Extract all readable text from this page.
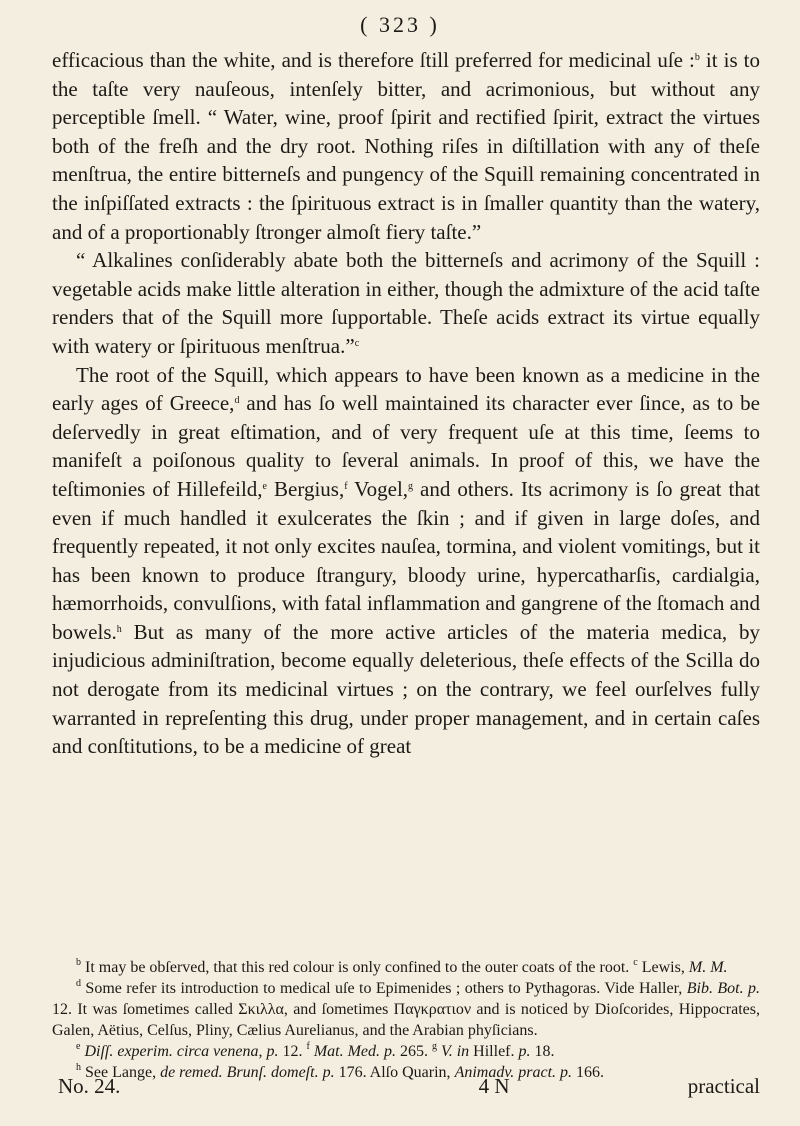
( 323 )

efficacious than the white, and is therefore ſtill preferred for medicinal uſe :$^b$ it is to the taſte very nauſeous, intenſely bitter, and acrimonious, but without any perceptible ſmell. “ Water, wine, proof ſpirit and rectified ſpirit, extract the virtues both of the freſh and the dry root. Nothing riſes in diſtillation with any of theſe menſtrua, the entire bitterneſs and pungency of the Squill remaining concentrated in the inſpiſſated extracts : the ſpirituous extract is in ſmaller quantity than the watery, and of a proportionably ſtronger almoſt fiery taſte.”

“ Alkalines conſiderably abate both the bitterneſs and acrimony of the Squill : vegetable acids make little alteration in either, though the admixture of the acid taſte renders that of the Squill more ſupportable. Theſe acids extract its virtue equally with watery or ſpirituous menſtrua.”$^c$

The root of the Squill, which appears to have been known as a medicine in the early ages of Greece,$^d$ and has ſo well maintained its character ever ſince, as to be deſervedly in great eſtimation, and of very frequent uſe at this time, ſeems to manifeſt a poiſonous quality to ſeveral animals. In proof of this, we have the teſtimonies of Hillefeild,$^e$ Bergius,$^f$ Vogel,$^g$ and others. Its acrimony is ſo great that even if much handled it exulcerates the ſkin ; and if given in large doſes, and frequently repeated, it not only excites nauſea, tormina, and violent vomitings, but it has been known to produce ſtrangury, bloody urine, hypercatharſis, cardialgia, hæmorrhoids, convulſions, with fatal inflammation and gangrene of the ſtomach and bowels.$^h$ But as many of the more active articles of the materia medica, by injudicious adminiſtration, become equally deleterious, theſe effects of the Scilla do not derogate from its medicinal virtues ; on the contrary, we feel ourſelves fully warranted in repreſenting this drug, under proper management, and in certain caſes and conſtitutions, to be a medicine of great

$^b$ It may be obſerved, that this red colour is only confined to the outer coats of the root. $^c$ Lewis, M. M.

$^d$ Some refer its introduction to medical uſe to Epimenides ; others to Pythagoras. Vide Haller, Bib. Bot. p. 12. It was ſometimes called Σκιλλα, and ſometimes Παγκρατιον and is noticed by Dioſcorides, Hippocrates, Galen, Aëtius, Celſus, Pliny, Cælius Aurelianus, and the Arabian phyſicians.

$^e$ Diſſ. experim. circa venena, p. 12. $^f$ Mat. Med. p. 265. $^g$ V. in Hillef. p. 18.

$^h$ See Lange, de remed. Brunſ. domeſt. p. 176. Alſo Quarin, Animadv. pract. p. 166.

No. 24.	4 N	practical
